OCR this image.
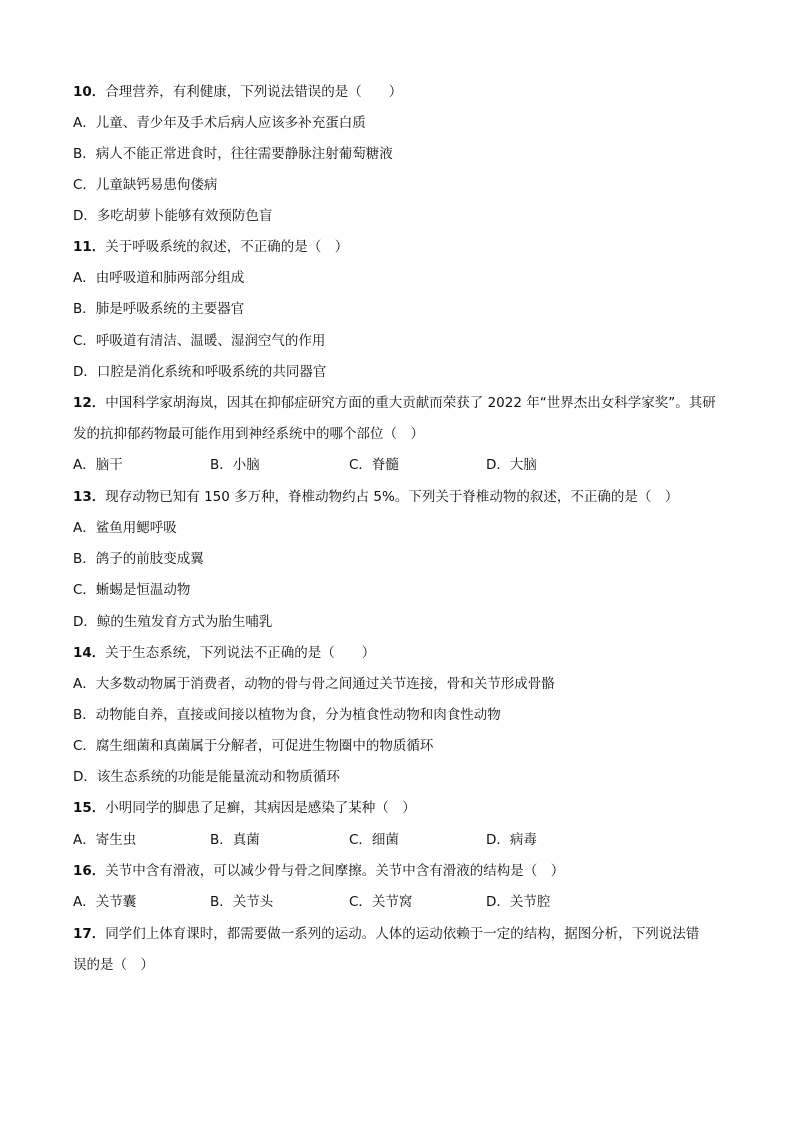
10．合理营养，有利健康，下列说法错误的是（　　）
A．儿童、青少年及手术后病人应该多补充蛋白质
B．病人不能正常进食时，往往需要静脉注射葡萄糖液
C．儿童缺钙易患佝偻病
D．多吃胡萝卜能够有效预防色盲
11．关于呼吸系统的叙述，不正确的是（　）
A．由呼吸道和肺两部分组成
B．肺是呼吸系统的主要器官
C．呼吸道有清洁、温暖、湿润空气的作用
D．口腔是消化系统和呼吸系统的共同器官
12．中国科学家胡海岚，因其在抑郁症研究方面的重大贡献而荣获了 2022 年“世界杰出女科学家奖”。其研
发的抗抑郁药物最可能作用到神经系统中的哪个部位（　）
A．脑干	B．小脑	C．脊髓	D．大脑
13．现存动物已知有 150 多万种，脊椎动物约占 5%。下列关于脊椎动物的叙述，不正确的是（　）
A．鲨鱼用鳃呼吸
B．鸽子的前肢变成翼
C．蜥蜴是恒温动物
D．鲸的生殖发育方式为胎生哺乳
14．关于生态系统，下列说法不正确的是（　　）
A．大多数动物属于消费者，动物的骨与骨之间通过关节连接，骨和关节形成骨骼
B．动物能自养，直接或间接以植物为食，分为植食性动物和肉食性动物
C．腐生细菌和真菌属于分解者，可促进生物圈中的物质循环
D．该生态系统的功能是能量流动和物质循环
15．小明同学的脚患了足癣，其病因是感染了某种（　）
A．寄生虫	B．真菌	C．细菌	D．病毒
16．关节中含有滑液，可以减少骨与骨之间摩擦。关节中含有滑液的结构是（　）
A．关节囊	B．关节头	C．关节窝	D．关节腔
17．同学们上体育课时，都需要做一系列的运动。人体的运动依赖于一定的结构，据图分析，下列说法错
误的是（　）
